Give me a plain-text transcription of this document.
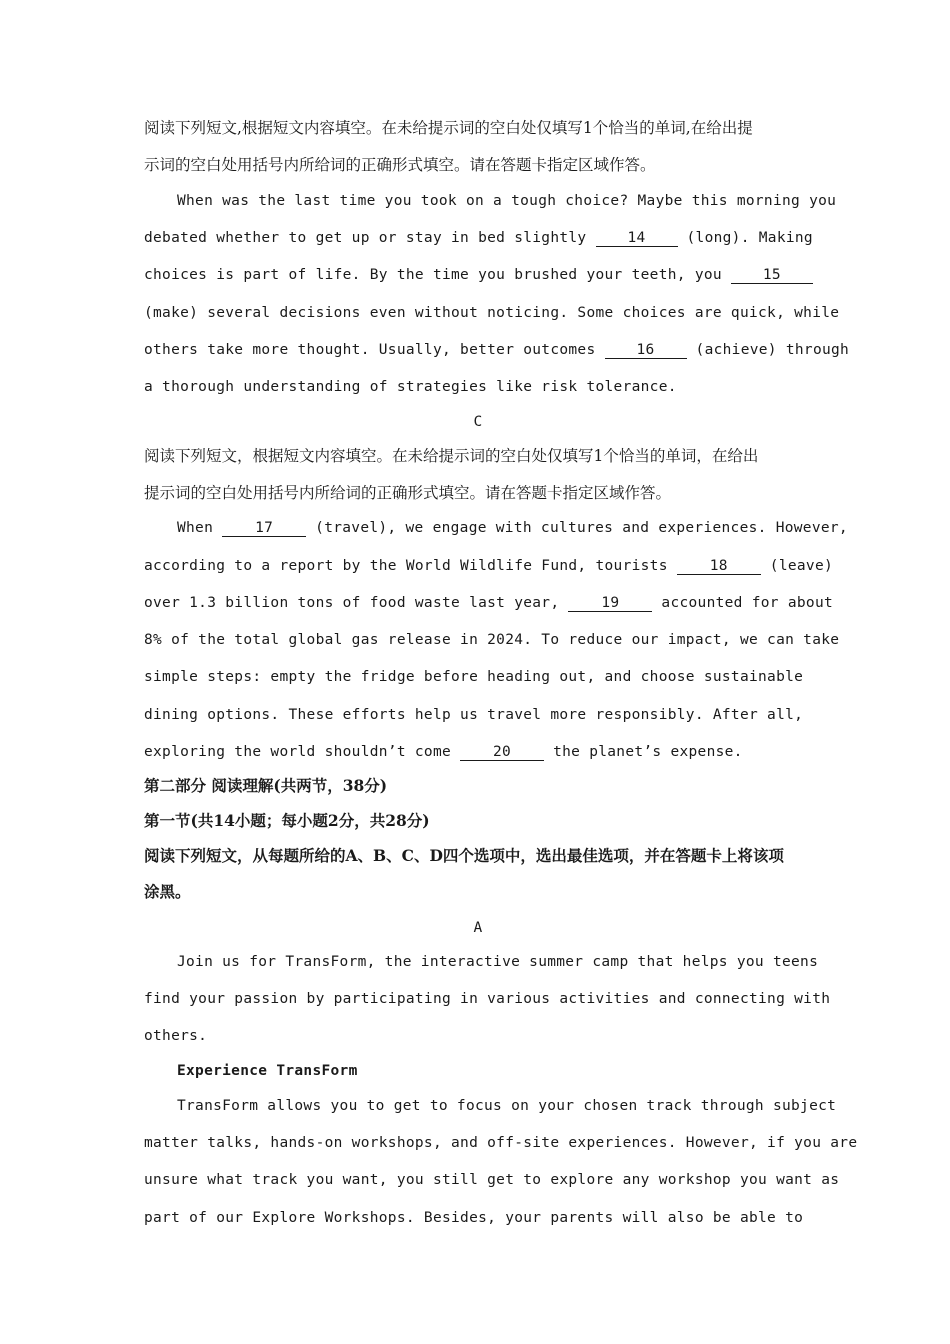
阅读下列短文,根据短文内容填空。在未给提示词的空白处仅填写1个恰当的单词,在给出提
示词的空白处用括号内所给词的正确形式填空。请在答题卡指定区域作答。
When was the last time you took on a tough choice? Maybe this morning you
debated whether to get up or stay in bed slightly 14 (long). Making
choices is part of life. By the time you brushed your teeth, you 15
(make) several decisions even without noticing. Some choices are quick, while
others take more thought. Usually, better outcomes 16 (achieve) through
a thorough understanding of strategies like risk tolerance.
C
阅读下列短文，根据短文内容填空。在未给提示词的空白处仅填写1个恰当的单词，在给出
提示词的空白处用括号内所给词的正确形式填空。请在答题卡指定区域作答。
When 17 (travel), we engage with cultures and experiences. However,
according to a report by the World Wildlife Fund, tourists 18 (leave)
over 1.3 billion tons of food waste last year, 19 accounted for about
8% of the total global gas release in 2024. To reduce our impact, we can take
simple steps: empty the fridge before heading out, and choose sustainable
dining options. These efforts help us travel more responsibly. After all,
exploring the world shouldn’t come 20 the planet’s expense.
第二部分 阅读理解(共两节，38分)
第一节(共14小题；每小题2分，共28分)
阅读下列短文，从每题所给的A、B、C、D四个选项中，选出最佳选项，并在答题卡上将该项
涂黑。
A
Join us for TransForm, the interactive summer camp that helps you teens
find your passion by participating in various activities and connecting with
others.
Experience TransForm
TransForm allows you to get to focus on your chosen track through subject
matter talks, hands-on workshops, and off-site experiences. However, if you are
unsure what track you want, you still get to explore any workshop you want as
part of our Explore Workshops. Besides, your parents will also be able to
